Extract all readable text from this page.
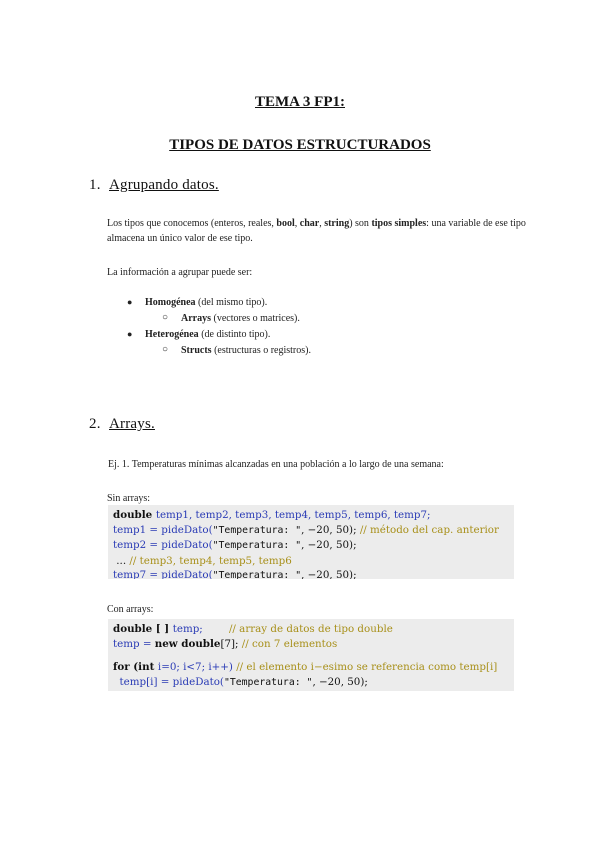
TEMA 3 FP1:
TIPOS DE DATOS ESTRUCTURADOS
1. Agrupando datos.
Los tipos que conocemos (enteros, reales, bool, char, string) son tipos simples: una variable de ese tipo almacena un único valor de ese tipo.
La información a agrupar puede ser:
● Homogénea (del mismo tipo).
○ Arrays (vectores o matrices).
● Heterogénea (de distinto tipo).
○ Structs (estructuras o registros).
2. Arrays.
Ej. 1. Temperaturas mínimas alcanzadas en una población a lo largo de una semana:
Sin arrays:
double temp1, temp2, temp3, temp4, temp5, temp6, temp7;
temp1 = pideDato("Temperatura: ", −20, 50); // método del cap. anterior
temp2 = pideDato("Temperatura: ", −20, 50);
... // temp3, temp4, temp5, temp6
temp7 = pideDato("Temperatura: ", −20, 50);
Con arrays:
double [ ] temp;        // array de datos de tipo double
temp = new double[7]; // con 7 elementos
for (int i=0; i<7; i++) // el elemento i−esimo se referencia como temp[i]
temp[i] = pideDato("Temperatura: ", −20, 50);
